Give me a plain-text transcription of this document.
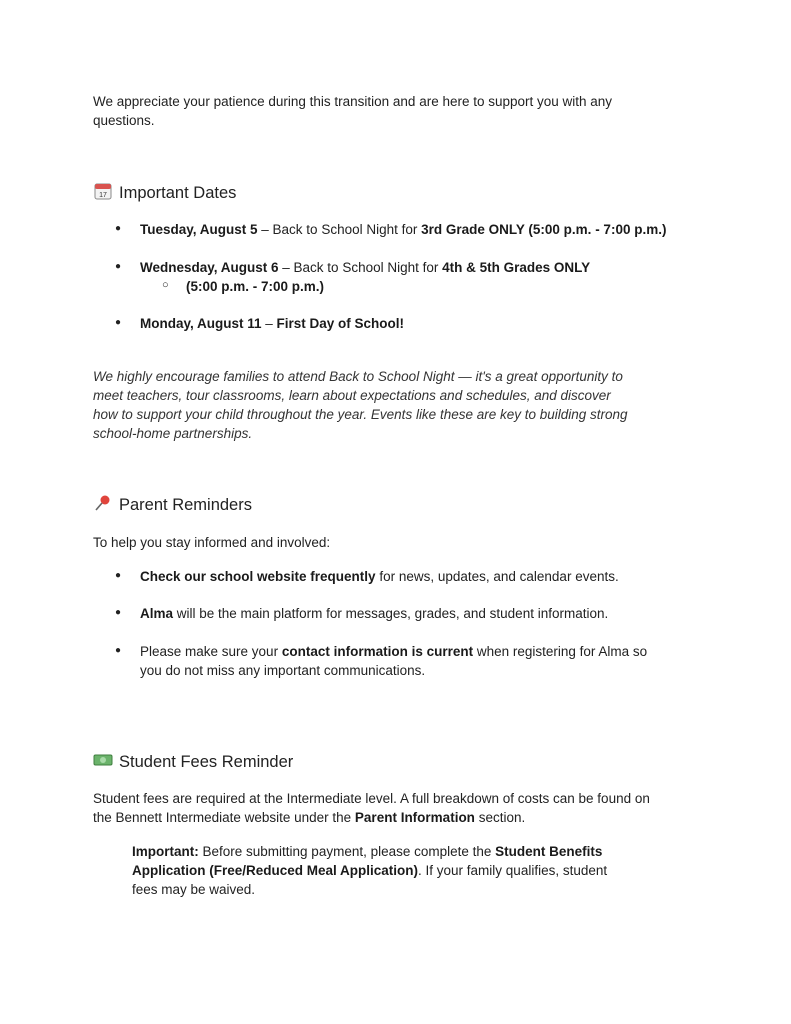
We appreciate your patience during this transition and are here to support you with any

questions.

17 Important Dates
● Tuesday, August 5 – Back to School Night for 3rd Grade ONLY (5:00 p.m. - 7:00 p.m.)

● Wednesday, August 6 – Back to School Night for 4th & 5th Grades ONLY

○ (5:00 p.m. - 7:00 p.m.)

● Monday, August 11 – First Day of School!

We highly encourage families to attend Back to School Night — it's a great opportunity to

meet teachers, tour classrooms, learn about expectations and schedules, and discover

how to support your child throughout the year. Events like these are key to building strong

school-home partnerships.

Parent Reminders

To help you stay informed and involved:

● Check our school website frequently for news, updates, and calendar events.

● Alma will be the main platform for messages, grades, and student information.

● Please make sure your contact information is current when registering for Alma so

you do not miss any important communications.

Student Fees Reminder

Student fees are required at the Intermediate level. A full breakdown of costs can be found on

the Bennett Intermediate website under the Parent Information section.

Important: Before submitting payment, please complete the Student Benefits

Application (Free/Reduced Meal Application). If your family qualifies, student

fees may be waived.
